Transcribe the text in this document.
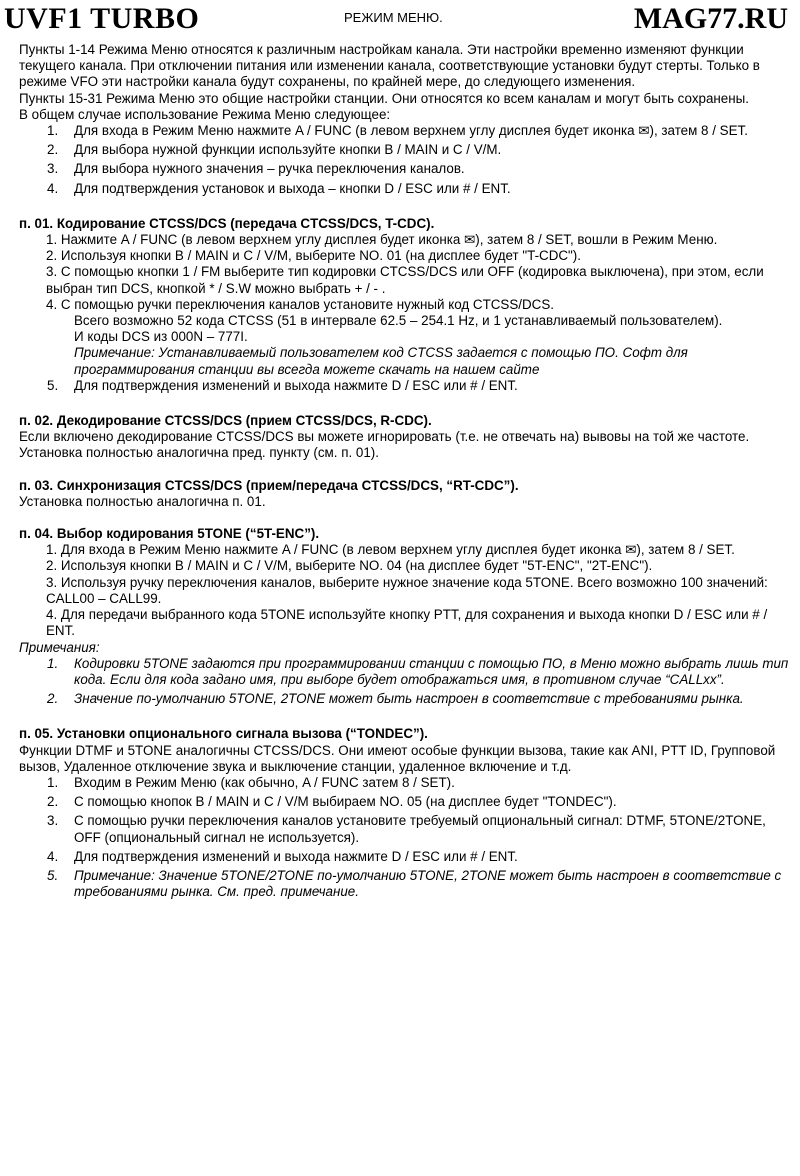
UVF1 TURBO	РЕЖИМ МЕНЮ.	MAG77.RU

Пункты 1-14 Режима Меню относятся к различным настройкам канала. Эти настройки временно изменяют функции текущего канала. При отключении питания или изменении канала, соответствующие установки будут стерты. Только в режиме VFO эти настройки канала будут сохранены, по крайней мере, до следующего изменения.

Пункты 15-31 Режима Меню это общие настройки станции. Они относятся ко всем каналам и могут быть сохранены.

В общем случае использование Режима Меню следующее:

1. Для входа в Режим Меню нажмите A / FUNC (в левом верхнем углу дисплея будет иконка ✉), затем 8 / SET.
2. Для выбора нужной функции используйте кнопки B / MAIN и C / V/M.
3. Для выбора нужного значения – ручка переключения каналов.
4. Для подтверждения установок и выхода – кнопки D / ESC или # / ENT.

п. 01. Кодирование CTCSS/DCS (передача CTCSS/DCS, T-CDC).

1. Нажмите A / FUNC (в левом верхнем углу дисплея будет иконка ✉), затем 8 / SET, вошли в Режим Меню.

2. Используя кнопки B / MAIN и C / V/M, выберите NO. 01 (на дисплее будет "T-CDC").

3. С помощью кнопки 1 / FM выберите тип кодировки CTCSS/DCS или OFF (кодировка выключена), при этом, если выбран тип DCS, кнопкой * / S.W можно выбрать + / - .

4. С помощью ручки переключения каналов установите нужный код CTCSS/DCS.

Всего возможно 52 кода CTCSS (51 в интервале 62.5 – 254.1 Hz, и 1 устанавливаемый пользователем).

И коды DCS из 000N – 777I.

Примечание: Устанавливаемый пользователем код CTCSS задается с помощью ПО. Софт для программирования станции вы всегда можете скачать на нашем сайте

5. Для подтверждения изменений и выхода нажмите D / ESC или # / ENT.

п. 02. Декодирование CTCSS/DCS (прием CTCSS/DCS, R-CDC).

Если включено декодирование CTCSS/DCS вы можете игнорировать (т.е. не отвечать на) вывовы на той же частоте.

Установка полностью аналогична пред. пункту (см. п. 01).

п. 03. Синхронизация CTCSS/DCS (прием/передача CTCSS/DCS, “RT-CDC”).

Установка полностью аналогична п. 01.

п. 04. Выбор кодирования 5TONE (“5T-ENC”).

1. Для входа в Режим Меню нажмите A / FUNC (в левом верхнем углу дисплея будет иконка ✉), затем 8 / SET.

2. Используя кнопки B / MAIN и C / V/M, выберите NO. 04 (на дисплее будет "5T-ENC", "2T-ENC").

3. Используя ручку переключения каналов, выберите нужное значение кода 5TONE. Всего возможно 100 значений: CALL00 – CALL99.

4. Для передачи выбранного кода 5TONE используйте кнопку PTT, для сохранения и выхода кнопки D / ESC или # / ENT.

Примечания:

1. Кодировки 5TONE задаются при программировании станции с помощью ПО, в Меню можно выбрать лишь тип кода. Если для кода задано имя, при выборе будет отображаться имя, в противном случае “CALLxx”.
2. Значение по-умолчанию 5TONE, 2TONE может быть настроен в соответствие с требованиями рынка.

п. 05. Установки опционального сигнала вызова (“TONDEC”).

Функции DTMF и 5TONE аналогичны CTCSS/DCS. Они имеют особые функции вызова, такие как ANI, PTT ID, Групповой вызов, Удаленное отключение звука и выключение станции, удаленное включение и т.д.

1. Входим в Режим Меню (как обычно, A / FUNC затем 8 / SET).
2. С помощью кнопок B / MAIN и C / V/M выбираем NO. 05 (на дисплее будет "TONDEC").
3. С помощью ручки переключения каналов установите требуемый опциональный сигнал: DTMF, 5TONE/2TONE, OFF (опциональный сигнал не используется).
4. Для подтверждения изменений и выхода нажмите D / ESC или # / ENT.
5. Примечание: Значение 5TONE/2TONE по-умолчанию 5TONE, 2TONE может быть настроен в соответствие с требованиями рынка. См. пред. примечание.
